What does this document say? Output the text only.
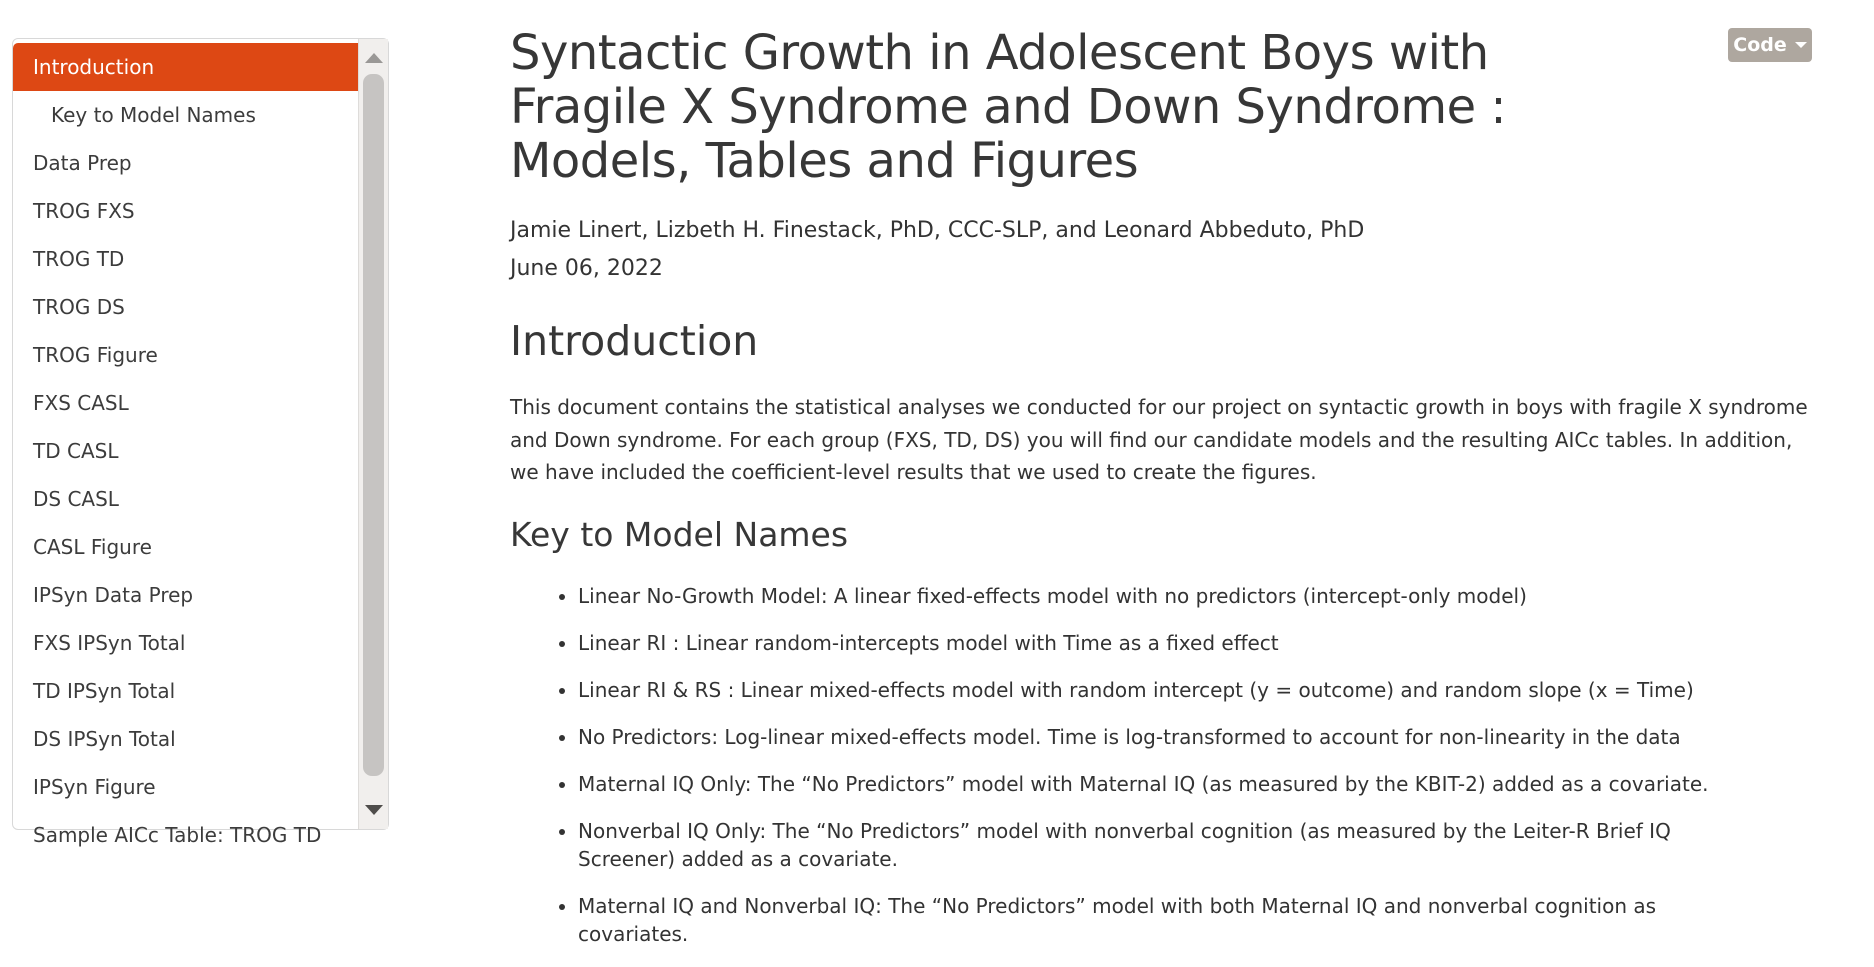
Introduction
Key to Model Names
Data Prep
TROG FXS
TROG TD
TROG DS
TROG Figure
FXS CASL
TD CASL
DS CASL
CASL Figure
IPSyn Data Prep
FXS IPSyn Total
TD IPSyn Total
DS IPSyn Total
IPSyn Figure
Sample AICc Table: TROG TD
Code
Syntactic Growth in Adolescent Boys with
Fragile X Syndrome and Down Syndrome :
Models, Tables and Figures
Jamie Linert, Lizbeth H. Finestack, PhD, CCC-SLP, and Leonard Abbeduto, PhD
June 06, 2022
Introduction

This document contains the statistical analyses we conducted for our project on syntactic growth in boys with fragile X syndrome and Down syndrome. For each group (FXS, TD, DS) you will find our candidate models and the resulting AICc tables. In addition, we have included the coefficient-level results that we used to create the figures.

Key to Model Names
• Linear No-Growth Model: A linear fixed-effects model with no predictors (intercept-only model)
• Linear RI : Linear random-intercepts model with Time as a fixed effect
• Linear RI & RS : Linear mixed-effects model with random intercept (y = outcome) and random slope (x = Time)
• No Predictors: Log-linear mixed-effects model. Time is log-transformed to account for non-linearity in the data
• Maternal IQ Only: The “No Predictors” model with Maternal IQ (as measured by the KBIT-2) added as a covariate.
• Nonverbal IQ Only: The “No Predictors” model with nonverbal cognition (as measured by the Leiter-R Brief IQ Screener) added as a covariate.
• Maternal IQ and Nonverbal IQ: The “No Predictors” model with both Maternal IQ and nonverbal cognition as covariates.
